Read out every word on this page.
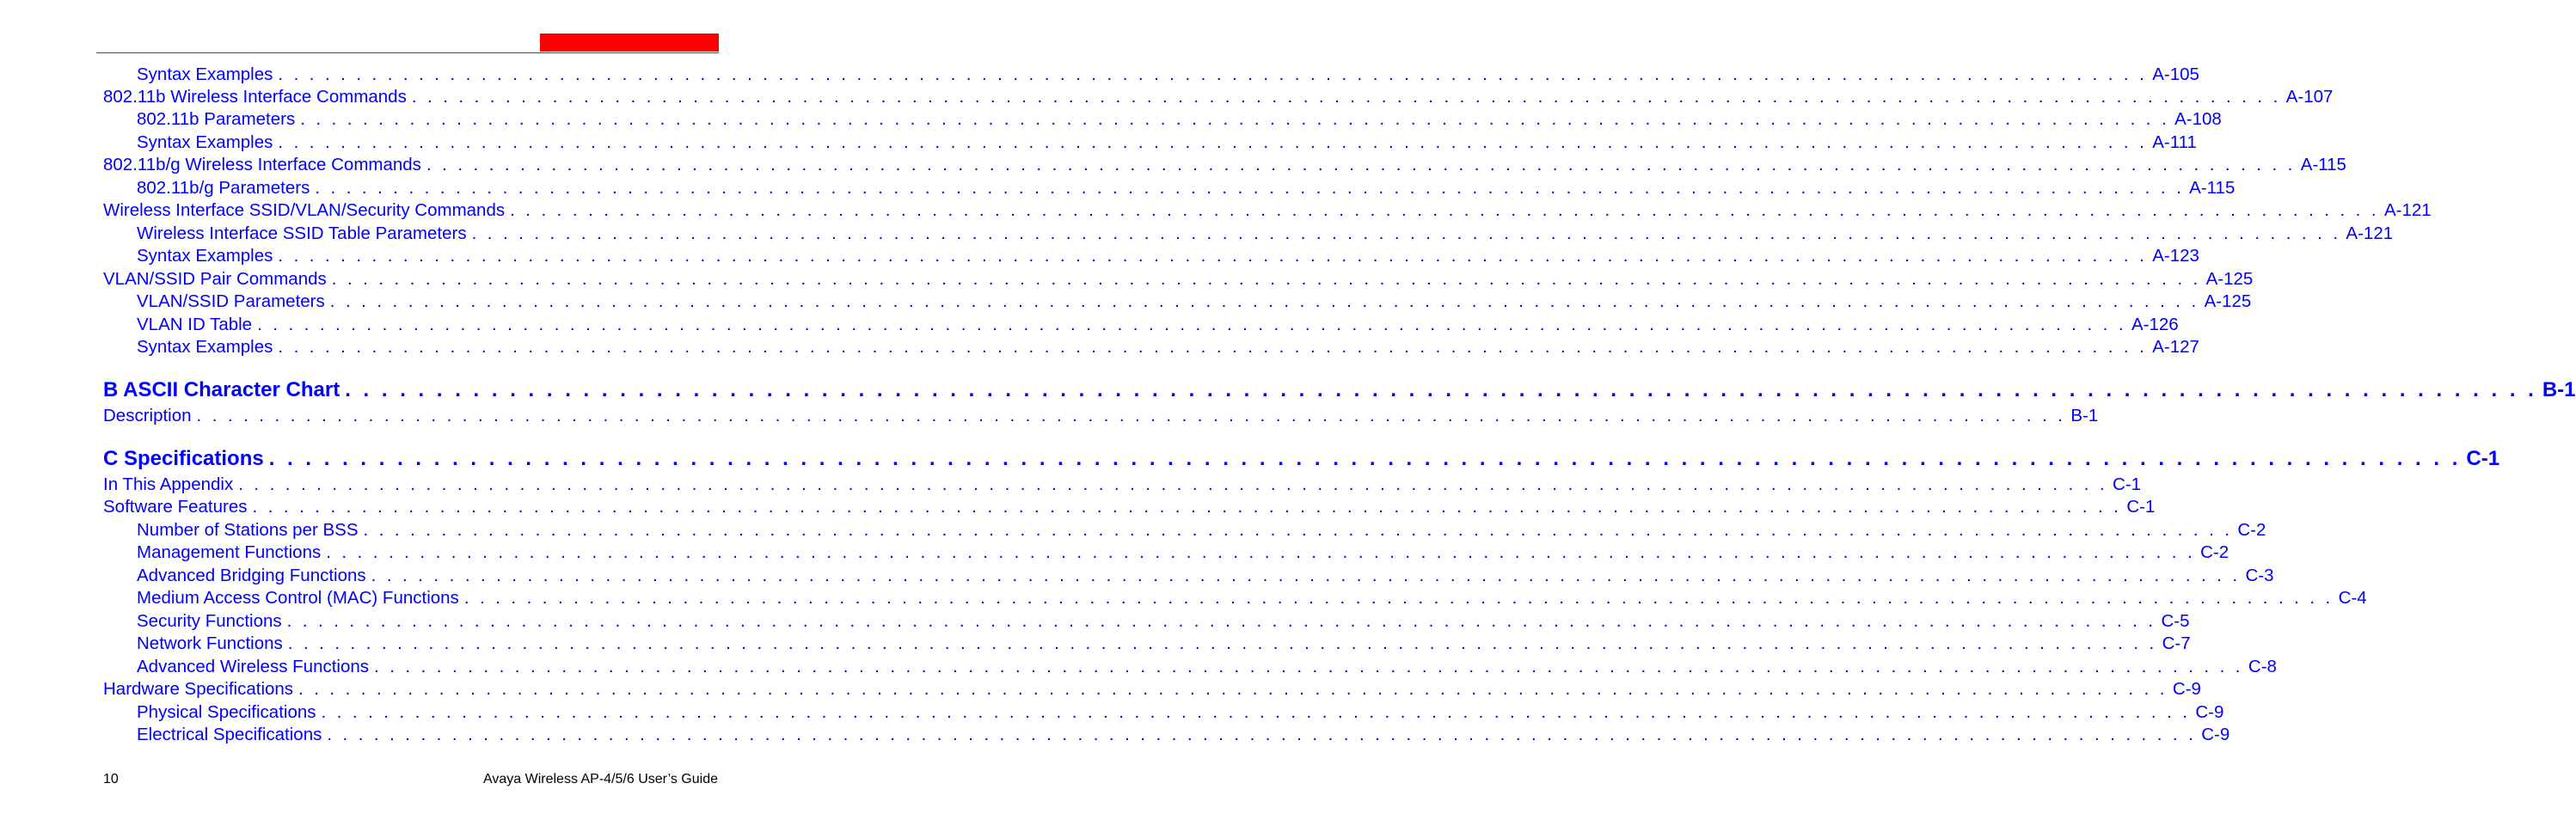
Syntax Examples . . . . . . . . . . . . . . . . . . . . . . . . . . . . . . . . . . . . . . . . . . . . . . . . . . . . . . . . . . . . . . . . . . . . . . . . . . . . . . . . . . . . . . . . . . . . . . . . . . . . . . . . . . . . . . . . . . . . . . . . A-105
802.11b Wireless Interface Commands . . . . . . . . . . . . . . . . . . . . . . . . . . . . . . . . . . . . . . . . . . . . . . . . . . . . . . . . . . . . . . . . . . . . . . . . . . . . . . . . . . . . . . . . . . . . . . . . . . . . . . . . . . . . . . . . . . . . . . . . A-107
802.11b Parameters . . . . . . . . . . . . . . . . . . . . . . . . . . . . . . . . . . . . . . . . . . . . . . . . . . . . . . . . . . . . . . . . . . . . . . . . . . . . . . . . . . . . . . . . . . . . . . . . . . . . . . . . . . . . . . . . . . . . . . . . A-108
Syntax Examples . . . . . . . . . . . . . . . . . . . . . . . . . . . . . . . . . . . . . . . . . . . . . . . . . . . . . . . . . . . . . . . . . . . . . . . . . . . . . . . . . . . . . . . . . . . . . . . . . . . . . . . . . . . . . . . . . . . . . . . . A-111
802.11b/g Wireless Interface Commands . . . . . . . . . . . . . . . . . . . . . . . . . . . . . . . . . . . . . . . . . . . . . . . . . . . . . . . . . . . . . . . . . . . . . . . . . . . . . . . . . . . . . . . . . . . . . . . . . . . . . . . . . . . . . . . . . . . . . . . . A-115
802.11b/g Parameters . . . . . . . . . . . . . . . . . . . . . . . . . . . . . . . . . . . . . . . . . . . . . . . . . . . . . . . . . . . . . . . . . . . . . . . . . . . . . . . . . . . . . . . . . . . . . . . . . . . . . . . . . . . . . . . . . . . . . . . . A-115
Wireless Interface SSID/VLAN/Security Commands . . . . . . . . . . . . . . . . . . . . . . . . . . . . . . . . . . . . . . . . . . . . . . . . . . . . . . . . . . . . . . . . . . . . . . . . . . . . . . . . . . . . . . . . . . . . . . . . . . . . . . . . . . . . . . . . . . . . . . . . A-121
Wireless Interface SSID Table Parameters . . . . . . . . . . . . . . . . . . . . . . . . . . . . . . . . . . . . . . . . . . . . . . . . . . . . . . . . . . . . . . . . . . . . . . . . . . . . . . . . . . . . . . . . . . . . . . . . . . . . . . . . . . . . . . . . . . . . . . . . A-121
Syntax Examples . . . . . . . . . . . . . . . . . . . . . . . . . . . . . . . . . . . . . . . . . . . . . . . . . . . . . . . . . . . . . . . . . . . . . . . . . . . . . . . . . . . . . . . . . . . . . . . . . . . . . . . . . . . . . . . . . . . . . . . . A-123
VLAN/SSID Pair Commands . . . . . . . . . . . . . . . . . . . . . . . . . . . . . . . . . . . . . . . . . . . . . . . . . . . . . . . . . . . . . . . . . . . . . . . . . . . . . . . . . . . . . . . . . . . . . . . . . . . . . . . . . . . . . . . . . . . . . . . . A-125
VLAN/SSID Parameters . . . . . . . . . . . . . . . . . . . . . . . . . . . . . . . . . . . . . . . . . . . . . . . . . . . . . . . . . . . . . . . . . . . . . . . . . . . . . . . . . . . . . . . . . . . . . . . . . . . . . . . . . . . . . . . . . . . . . . . . A-125
VLAN ID Table . . . . . . . . . . . . . . . . . . . . . . . . . . . . . . . . . . . . . . . . . . . . . . . . . . . . . . . . . . . . . . . . . . . . . . . . . . . . . . . . . . . . . . . . . . . . . . . . . . . . . . . . . . . . . . . . . . . . . . . . A-126
Syntax Examples . . . . . . . . . . . . . . . . . . . . . . . . . . . . . . . . . . . . . . . . . . . . . . . . . . . . . . . . . . . . . . . . . . . . . . . . . . . . . . . . . . . . . . . . . . . . . . . . . . . . . . . . . . . . . . . . . . . . . . . . A-127
B ASCII Character Chart . . . . . . . . . . . . . . . . . . . . . . . . . . . . . . . . . . . . . . . . . . . . . . . . . . . . . . . . . . . . . . . . . . . . . . . . . . . . . . . . . . . . . . . . . . . . . . . . . . . . . . . . . . . . . . . . . . . . . . . . B-1
Description . . . . . . . . . . . . . . . . . . . . . . . . . . . . . . . . . . . . . . . . . . . . . . . . . . . . . . . . . . . . . . . . . . . . . . . . . . . . . . . . . . . . . . . . . . . . . . . . . . . . . . . . . . . . . . . . . . . . . . . . B-1
C Specifications . . . . . . . . . . . . . . . . . . . . . . . . . . . . . . . . . . . . . . . . . . . . . . . . . . . . . . . . . . . . . . . . . . . . . . . . . . . . . . . . . . . . . . . . . . . . . . . . . . . . . . . . . . . . . . . . . . . . . . . . C-1
In This Appendix . . . . . . . . . . . . . . . . . . . . . . . . . . . . . . . . . . . . . . . . . . . . . . . . . . . . . . . . . . . . . . . . . . . . . . . . . . . . . . . . . . . . . . . . . . . . . . . . . . . . . . . . . . . . . . . . . . . . . . . . C-1
Software Features . . . . . . . . . . . . . . . . . . . . . . . . . . . . . . . . . . . . . . . . . . . . . . . . . . . . . . . . . . . . . . . . . . . . . . . . . . . . . . . . . . . . . . . . . . . . . . . . . . . . . . . . . . . . . . . . . . . . . . . . C-1
Number of Stations per BSS . . . . . . . . . . . . . . . . . . . . . . . . . . . . . . . . . . . . . . . . . . . . . . . . . . . . . . . . . . . . . . . . . . . . . . . . . . . . . . . . . . . . . . . . . . . . . . . . . . . . . . . . . . . . . . . . . . . . . . . . C-2
Management Functions . . . . . . . . . . . . . . . . . . . . . . . . . . . . . . . . . . . . . . . . . . . . . . . . . . . . . . . . . . . . . . . . . . . . . . . . . . . . . . . . . . . . . . . . . . . . . . . . . . . . . . . . . . . . . . . . . . . . . . . . C-2
Advanced Bridging Functions . . . . . . . . . . . . . . . . . . . . . . . . . . . . . . . . . . . . . . . . . . . . . . . . . . . . . . . . . . . . . . . . . . . . . . . . . . . . . . . . . . . . . . . . . . . . . . . . . . . . . . . . . . . . . . . . . . . . . . . . C-3
Medium Access Control (MAC) Functions . . . . . . . . . . . . . . . . . . . . . . . . . . . . . . . . . . . . . . . . . . . . . . . . . . . . . . . . . . . . . . . . . . . . . . . . . . . . . . . . . . . . . . . . . . . . . . . . . . . . . . . . . . . . . . . . . . . . . . . . C-4
Security Functions . . . . . . . . . . . . . . . . . . . . . . . . . . . . . . . . . . . . . . . . . . . . . . . . . . . . . . . . . . . . . . . . . . . . . . . . . . . . . . . . . . . . . . . . . . . . . . . . . . . . . . . . . . . . . . . . . . . . . . . . C-5
Network Functions . . . . . . . . . . . . . . . . . . . . . . . . . . . . . . . . . . . . . . . . . . . . . . . . . . . . . . . . . . . . . . . . . . . . . . . . . . . . . . . . . . . . . . . . . . . . . . . . . . . . . . . . . . . . . . . . . . . . . . . . C-7
Advanced Wireless Functions . . . . . . . . . . . . . . . . . . . . . . . . . . . . . . . . . . . . . . . . . . . . . . . . . . . . . . . . . . . . . . . . . . . . . . . . . . . . . . . . . . . . . . . . . . . . . . . . . . . . . . . . . . . . . . . . . . . . . . . . C-8
Hardware Specifications . . . . . . . . . . . . . . . . . . . . . . . . . . . . . . . . . . . . . . . . . . . . . . . . . . . . . . . . . . . . . . . . . . . . . . . . . . . . . . . . . . . . . . . . . . . . . . . . . . . . . . . . . . . . . . . . . . . . . . . . C-9
Physical Specifications . . . . . . . . . . . . . . . . . . . . . . . . . . . . . . . . . . . . . . . . . . . . . . . . . . . . . . . . . . . . . . . . . . . . . . . . . . . . . . . . . . . . . . . . . . . . . . . . . . . . . . . . . . . . . . . . . . . . . . . . C-9
Electrical Specifications . . . . . . . . . . . . . . . . . . . . . . . . . . . . . . . . . . . . . . . . . . . . . . . . . . . . . . . . . . . . . . . . . . . . . . . . . . . . . . . . . . . . . . . . . . . . . . . . . . . . . . . . . . . . . . . . . . . . . . . . C-9
10	Avaya Wireless AP-4/5/6 User’s Guide
